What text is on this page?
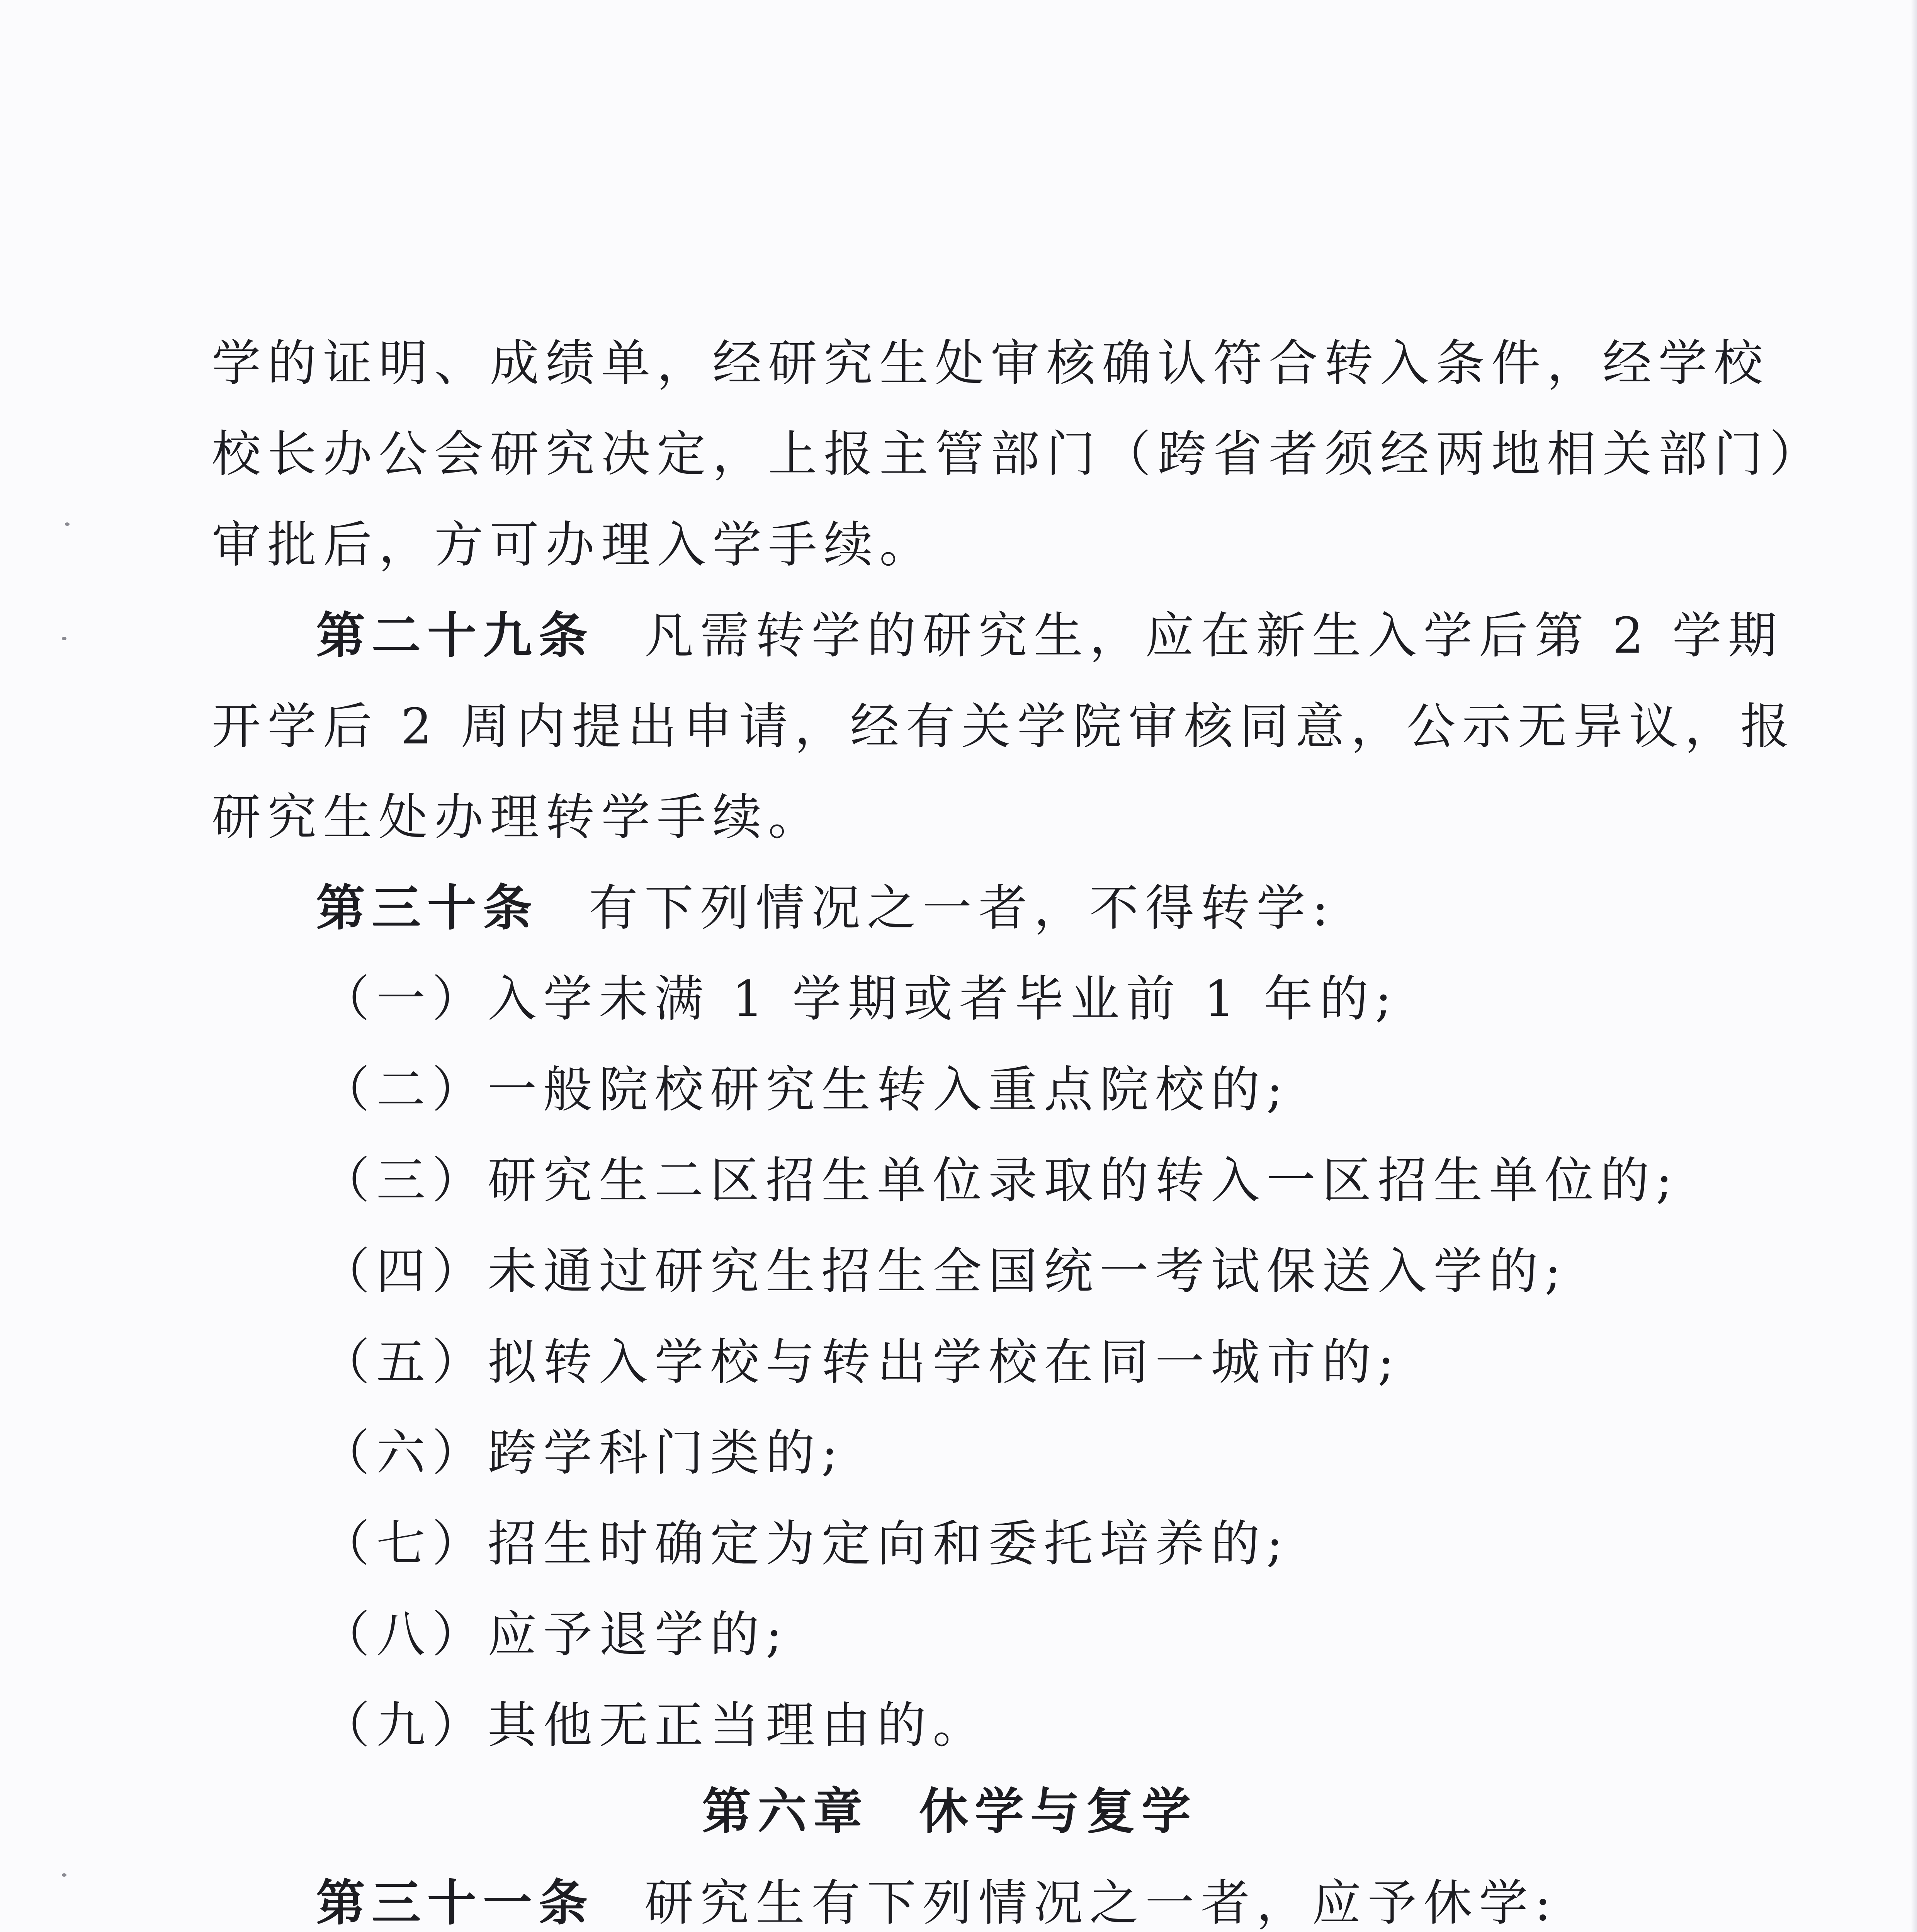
学的证明、成绩单，经研究生处审核确认符合转入条件，经学校
校长办公会研究决定，上报主管部门（跨省者须经两地相关部门）
审批后，方可办理入学手续。
第二十九条 凡需转学的研究生，应在新生入学后第 2 学期
开学后 2 周内提出申请，经有关学院审核同意，公示无异议，报
研究生处办理转学手续。
第三十条 有下列情况之一者，不得转学:
（一）入学未满 1 学期或者毕业前 1 年的;
（二）一般院校研究生转入重点院校的;
（三）研究生二区招生单位录取的转入一区招生单位的;
（四）未通过研究生招生全国统一考试保送入学的;
（五）拟转入学校与转出学校在同一城市的;
（六）跨学科门类的;
（七）招生时确定为定向和委托培养的;
（八）应予退学的;
（九）其他无正当理由的。
第六章 休学与复学
第三十一条 研究生有下列情况之一者，应予休学:
